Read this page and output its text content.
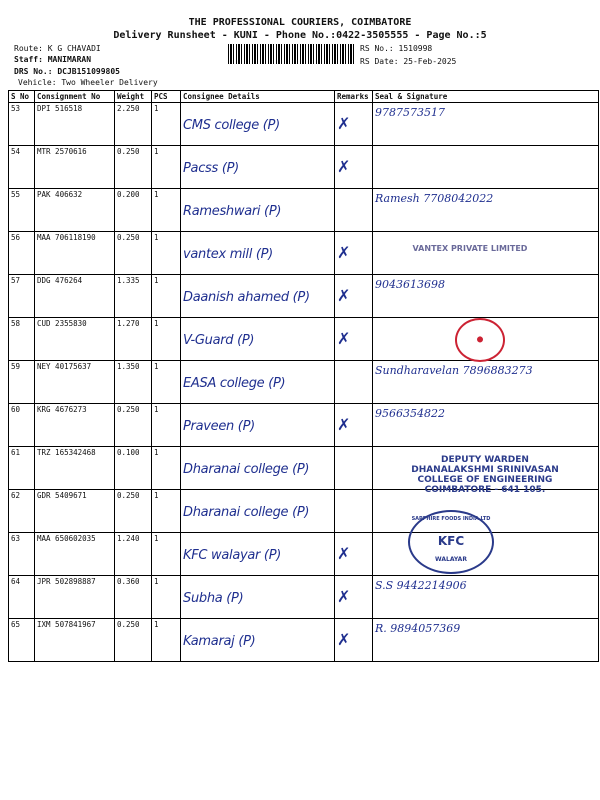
THE PROFESSIONAL COURIERS, COIMBATORE
Delivery Runsheet - KUNI - Phone No.:0422-3505555 - Page No.:5
Route: K G CHAVADI
Staff: MANIMARAN
DRS No.: DCJB151099805
Vehicle: Two Wheeler Delivery
RS No.: 1510998
RS Date: 25-Feb-2025
S No	Consignment No	Weight	PCS	Consignee Details	Remarks	Seal & Signature
53	DPI 516518	2.250	1	CMS college (P)	✗	9787573517

54	MTR 2570616	0.250	1	Pacss (P)	✗	

55	PAK 406632	0.200	1	Rameshwari (P)		Ramesh 7708042022

56	MAA 706118190	0.250	1	vantex mill (P)	✗	

57	DDG 476264	1.335	1	Daanish ahamed (P)	✗	9043613698

58	CUD 2355830	1.270	1	V-Guard (P)	✗	

59	NEY 40175637	1.350	1	EASA college (P)		Sundharavelan 7896883273

60	KRG 4676273	0.250	1	Praveen (P)	✗	9566354822

61	TRZ 165342468	0.100	1	Dharanai college (P)		

62	GDR 5409671	0.250	1	Dharanai college (P)		

63	MAA 650602035	1.240	1	KFC walayar (P)	✗	

64	JPR 502898887	0.360	1	Subha (P)	✗	S.S 9442214906

65	IXM 507841967	0.250	1	Kamaraj (P)	✗	R. 9894057369
DEPUTY WARDEN
DHANALAKSHMI SRINIVASAN
COLLEGE OF ENGINEERING
COIMBATORE - 641 105.
SAPPHIRE FOODS INDIA LTD
KFC
WALAYAR
●
VANTEX PRIVATE LIMITED
